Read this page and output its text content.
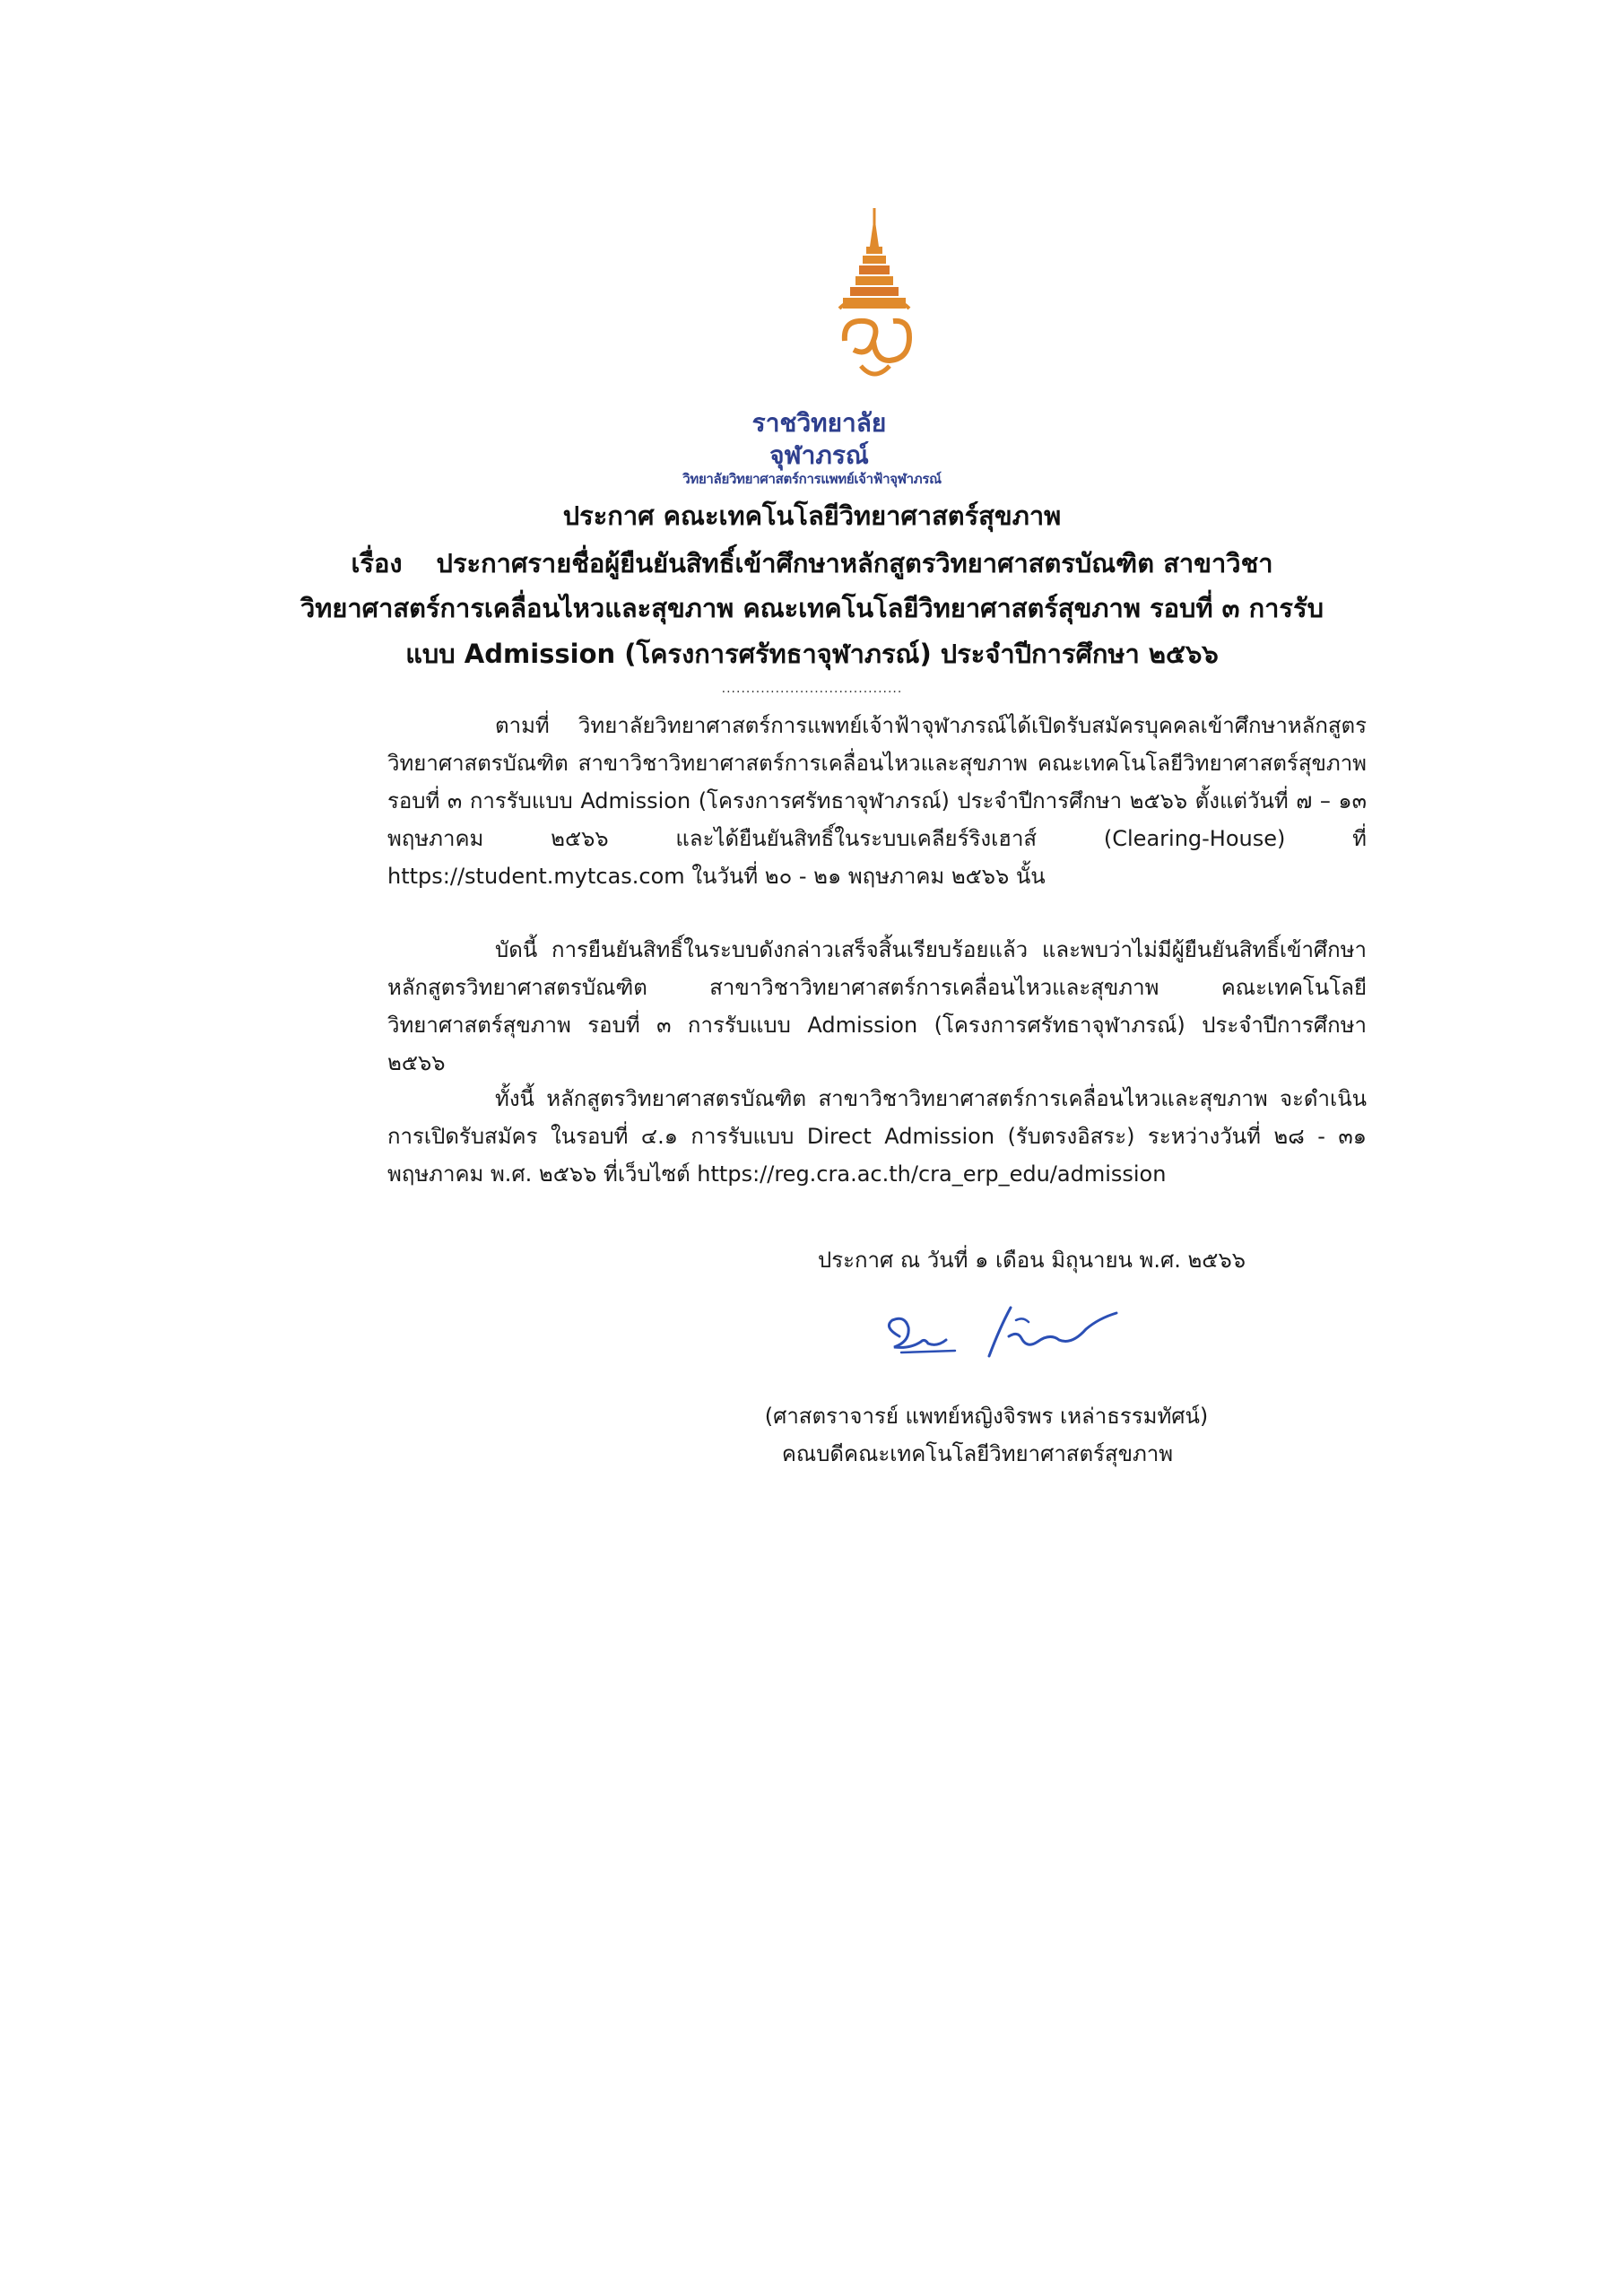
ราชวิทยาลัย
จุฬาภรณ์
วิทยาลัยวิทยาศาสตร์การแพทย์เจ้าฟ้าจุฬาภรณ์
ประกาศ คณะเทคโนโลยีวิทยาศาสตร์สุขภาพ
เรื่อง ประกาศรายชื่อผู้ยืนยันสิทธิ์เข้าศึกษาหลักสูตรวิทยาศาสตรบัณฑิต สาขาวิชา
วิทยาศาสตร์การเคลื่อนไหวและสุขภาพ คณะเทคโนโลยีวิทยาศาสตร์สุขภาพ รอบที่ ๓ การรับ
แบบ Admission (โครงการศรัทธาจุฬาภรณ์) ประจำปีการศึกษา ๒๕๖๖
.....................................

ตามที่ วิทยาลัยวิทยาศาสตร์การแพทย์เจ้าฟ้าจุฬาภรณ์ได้เปิดรับสมัครบุคคลเข้าศึกษาหลักสูตรวิทยาศาสตรบัณฑิต สาขาวิชาวิทยาศาสตร์การเคลื่อนไหวและสุขภาพ คณะเทคโนโลยีวิทยาศาสตร์สุขภาพ รอบที่ ๓ การรับแบบ Admission (โครงการศรัทธาจุฬาภรณ์) ประจำปีการศึกษา ๒๕๖๖ ตั้งแต่วันที่ ๗ – ๑๓ พฤษภาคม ๒๕๖๖ และได้ยืนยันสิทธิ์ในระบบเคลียร์ริงเฮาส์ (Clearing-House) ที่ https://student.mytcas.com ในวันที่ ๒๐ - ๒๑ พฤษภาคม ๒๕๖๖ นั้น

บัดนี้ การยืนยันสิทธิ์ในระบบดังกล่าวเสร็จสิ้นเรียบร้อยแล้ว และพบว่าไม่มีผู้ยืนยันสิทธิ์เข้าศึกษาหลักสูตรวิทยาศาสตรบัณฑิต สาขาวิชาวิทยาศาสตร์การเคลื่อนไหวและสุขภาพ คณะเทคโนโลยีวิทยาศาสตร์สุขภาพ รอบที่ ๓ การรับแบบ Admission (โครงการศรัทธาจุฬาภรณ์) ประจำปีการศึกษา ๒๕๖๖

ทั้งนี้ หลักสูตรวิทยาศาสตรบัณฑิต สาขาวิชาวิทยาศาสตร์การเคลื่อนไหวและสุขภาพ จะดำเนินการเปิดรับสมัคร ในรอบที่ ๔.๑ การรับแบบ Direct Admission (รับตรงอิสระ) ระหว่างวันที่ ๒๘ - ๓๑ พฤษภาคม พ.ศ. ๒๕๖๖ ที่เว็บไซต์ https://reg.cra.ac.th/cra_erp_edu/admission

ประกาศ ณ วันที่ ๑ เดือน มิถุนายน พ.ศ. ๒๕๖๖
(ศาสตราจารย์ แพทย์หญิงจิรพร เหล่าธรรมทัศน์)
คณบดีคณะเทคโนโลยีวิทยาศาสตร์สุขภาพ
